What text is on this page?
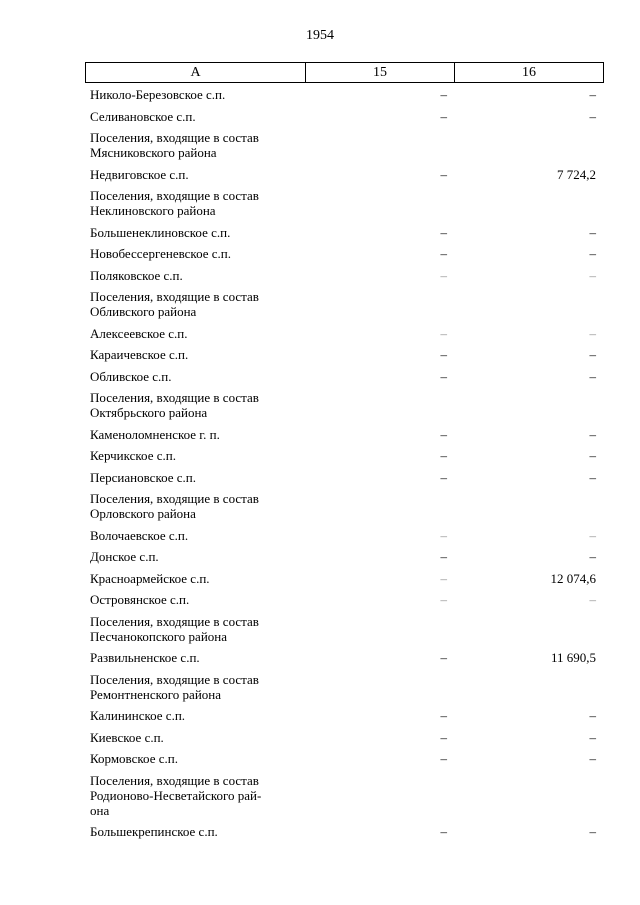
1954
А	15	16
Николо-Березовское с.п.	–	–
Селивановское с.п.	–	–
Поселения, входящие в состав
Мясниковского района
Недвиговское с.п.	–	7 724,2
Поселения, входящие в состав
Неклиновского района
Большенеклиновское с.п.	–	–
Новобессергеневское с.п.	–	–
Поляковское с.п.	–	–
Поселения, входящие в состав
Обливского района
Алексеевское с.п.	–	–
Караичевское с.п.	–	–
Обливское с.п.	–	–
Поселения, входящие в состав
Октябрьского района
Каменоломненское г. п.	–	–
Керчикское с.п.	–	–
Персиановское с.п.	–	–
Поселения, входящие в состав
Орловского района
Волочаевское с.п.	–	–
Донское с.п.	–	–
Красноармейское с.п.	–	12 074,6
Островянское с.п.	–	–
Поселения, входящие в состав
Песчанокопского района
Развильненское с.п.	–	11 690,5
Поселения, входящие в состав
Ремонтненского района
Калининское с.п.	–	–
Киевское с.п.	–	–
Кормовское с.п.	–	–
Поселения, входящие в состав
Родионово-Несветайского рай-
она
Большекрепинское с.п.	–	–
